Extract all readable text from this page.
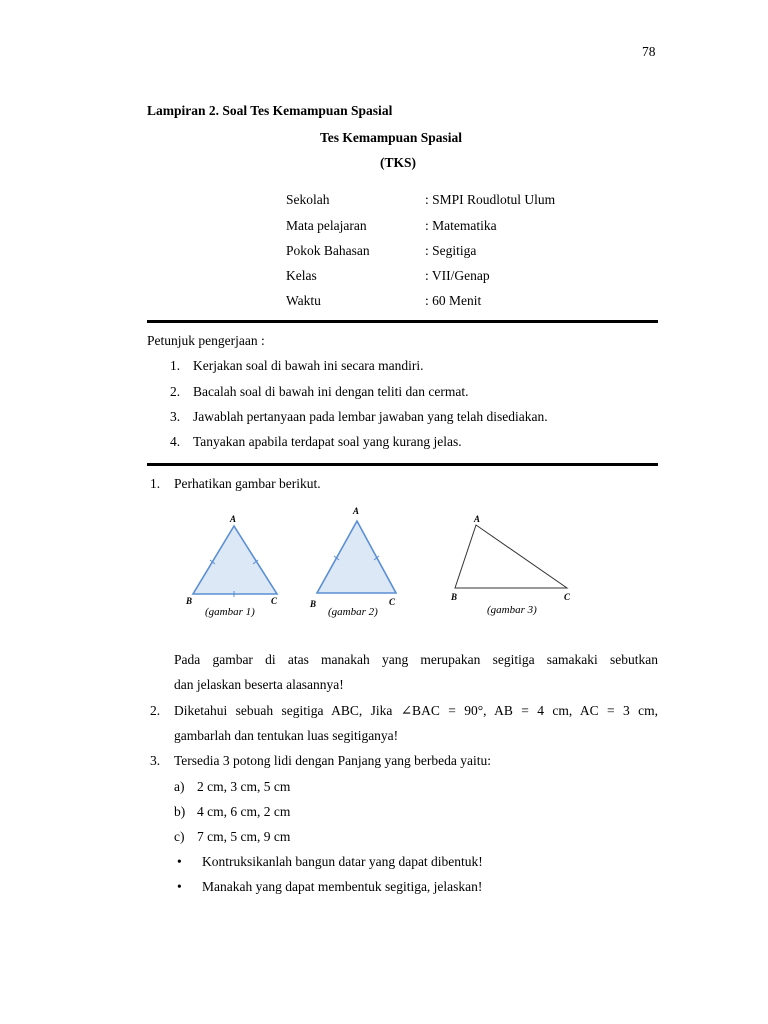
78
Lampiran 2. Soal Tes Kemampuan Spasial
Tes Kemampuan Spasial
(TKS)
Sekolah	: SMPI Roudlotul Ulum
Mata pelajaran	: Matematika
Pokok Bahasan	: Segitiga
Kelas	: VII/Genap
Waktu	: 60 Menit
Petunjuk pengerjaan :
1. Kerjakan soal di bawah ini secara mandiri.
2. Bacalah soal di bawah ini dengan teliti dan cermat.
3. Jawablah pertanyaan pada lembar jawaban yang telah disediakan.
4. Tanyakan apabila terdapat soal yang kurang jelas.
1. Perhatikan gambar berikut.
A
B	C
A
B	C
A
B	C
(gambar 1)	(gambar 2)	(gambar 3)
Pada gambar di atas manakah yang merupakan segitiga samakaki sebutkan
dan jelaskan beserta alasannya!
2. Diketahui sebuah segitiga ABC, Jika ∠BAC = 90°, AB = 4 cm, AC = 3 cm,
gambarlah dan tentukan luas segitiganya!
3. Tersedia 3 potong lidi dengan Panjang yang berbeda yaitu:
a) 2 cm, 3 cm, 5 cm
b) 4 cm, 6 cm, 2 cm
c) 7 cm, 5 cm, 9 cm
• Kontruksikanlah bangun datar yang dapat dibentuk!
• Manakah yang dapat membentuk segitiga, jelaskan!
